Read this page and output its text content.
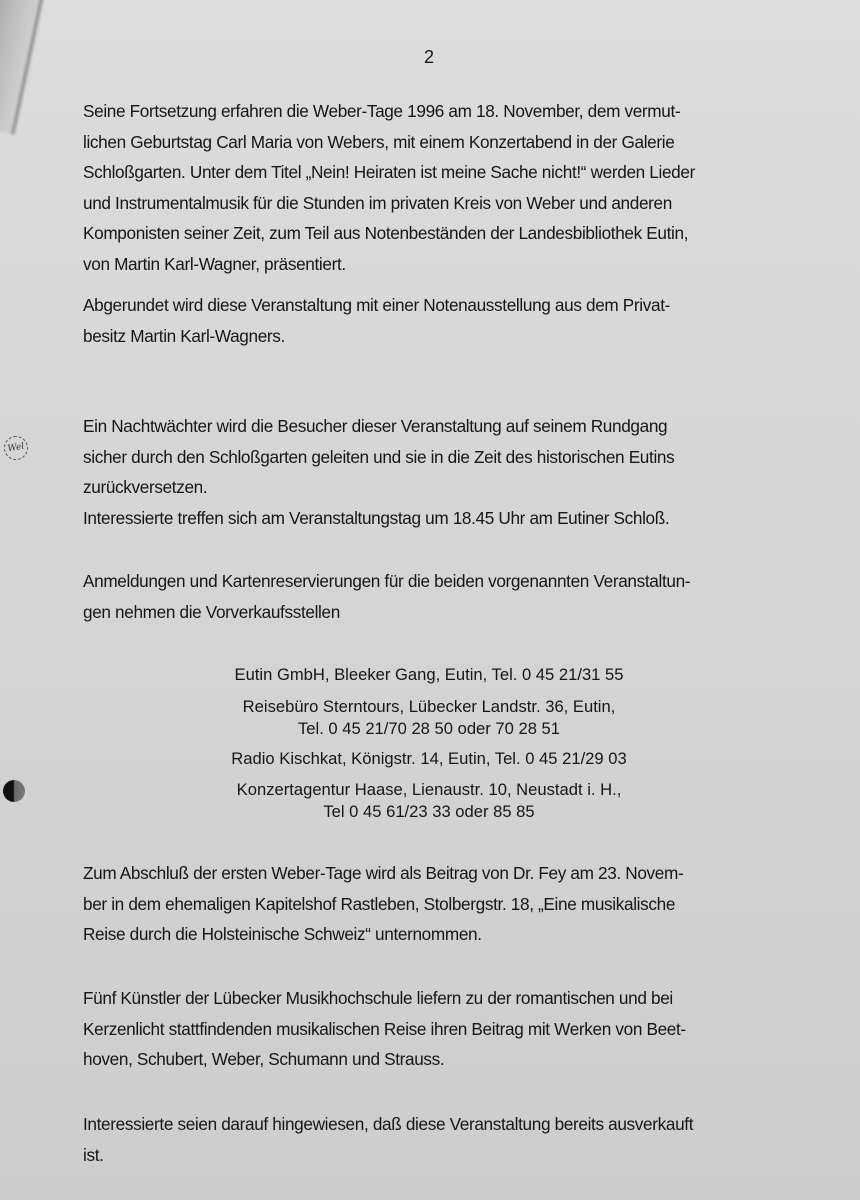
Wel
2

Seine Fortsetzung erfahren die Weber-Tage 1996 am 18. November, dem vermut-
lichen Geburtstag Carl Maria von Webers, mit einem Konzertabend in der Galerie
Schloßgarten. Unter dem Titel „Nein! Heiraten ist meine Sache nicht!“ werden Lieder
und Instrumentalmusik für die Stunden im privaten Kreis von Weber und anderen
Komponisten seiner Zeit, zum Teil aus Notenbeständen der Landesbibliothek Eutin,
von Martin Karl-Wagner, präsentiert.

Abgerundet wird diese Veranstaltung mit einer Notenausstellung aus dem Privat-
besitz Martin Karl-Wagners.

Ein Nachtwächter wird die Besucher dieser Veranstaltung auf seinem Rundgang
sicher durch den Schloßgarten geleiten und sie in die Zeit des historischen Eutins
zurückversetzen.
Interessierte treffen sich am Veranstaltungstag um 18.45 Uhr am Eutiner Schloß.

Anmeldungen und Kartenreservierungen für die beiden vorgenannten Veranstaltun-
gen nehmen die Vorverkaufsstellen

Eutin GmbH, Bleeker Gang, Eutin, Tel. 0 45 21/31 55

Reisebüro Sterntours, Lübecker Landstr. 36, Eutin,
Tel. 0 45 21/70 28 50 oder 70 28 51

Radio Kischkat, Königstr. 14, Eutin, Tel. 0 45 21/29 03

Konzertagentur Haase, Lienaustr. 10, Neustadt i. H.,
Tel 0 45 61/23 33 oder 85 85

Zum Abschluß der ersten Weber-Tage wird als Beitrag von Dr. Fey am 23. Novem-
ber in dem ehemaligen Kapitelshof Rastleben, Stolbergstr. 18, „Eine musikalische
Reise durch die Holsteinische Schweiz“ unternommen.

Fünf Künstler der Lübecker Musikhochschule liefern zu der romantischen und bei
Kerzenlicht stattfindenden musikalischen Reise ihren Beitrag mit Werken von Beet-
hoven, Schubert, Weber, Schumann und Strauss.

Interessierte seien darauf hingewiesen, daß diese Veranstaltung bereits ausverkauft
ist.
